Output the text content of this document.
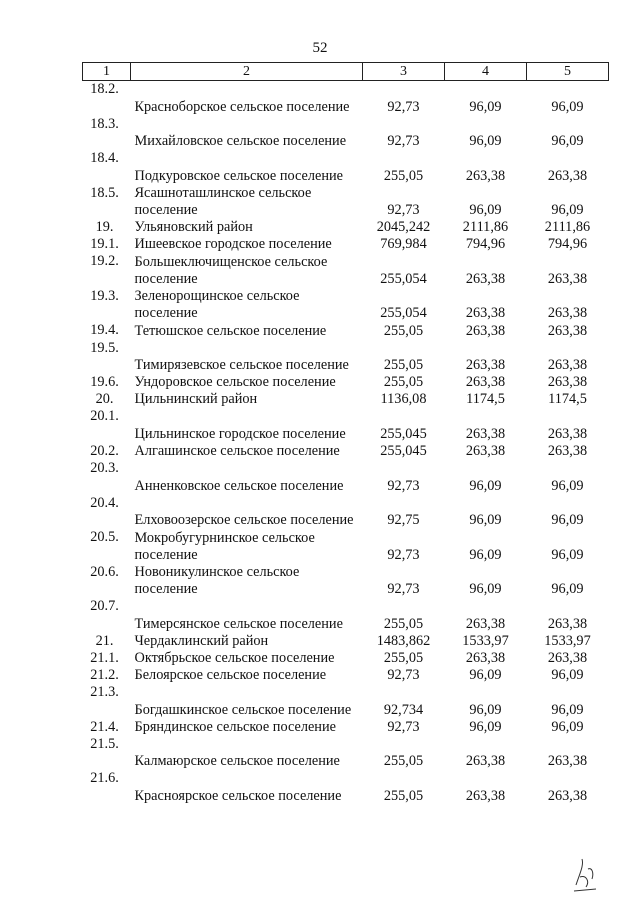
52
1	2	3	4	5
18.2.	Красноборское сельское поселение	92,73	96,09	96,09
18.3.	Михайловское сельское поселение	92,73	96,09	96,09
18.4.	Подкуровское сельское поселение	255,05	263,38	263,38
18.5.	Ясашноташлинское сельское поселение	92,73	96,09	96,09
19.	Ульяновский район	2045,242	2111,86	2111,86
19.1.	Ишеевское городское поселение	769,984	794,96	794,96
19.2.	Большеключищенское сельское поселение	255,054	263,38	263,38
19.3.	Зеленорощинское сельское поселение	255,054	263,38	263,38
19.4.	Тетюшское сельское поселение	255,05	263,38	263,38
19.5.	Тимирязевское сельское поселение	255,05	263,38	263,38
19.6.	Ундоровское сельское поселение	255,05	263,38	263,38
20.	Цильнинский район	1136,08	1174,5	1174,5
20.1.	Цильнинское городское поселение	255,045	263,38	263,38
20.2.	Алгашинское сельское поселение	255,045	263,38	263,38
20.3.	Анненковское сельское поселение	92,73	96,09	96,09
20.4.	Елховоозерское сельское поселение	92,75	96,09	96,09
20.5.	Мокробугурнинское сельское поселение	92,73	96,09	96,09
20.6.	Новоникулинское сельское поселение	92,73	96,09	96,09
20.7.	Тимерсянское сельское поселение	255,05	263,38	263,38
21.	Чердаклинский район	1483,862	1533,97	1533,97
21.1.	Октябрьское сельское поселение	255,05	263,38	263,38
21.2.	Белоярское сельское поселение	92,73	96,09	96,09
21.3.	Богдашкинское сельское поселение	92,734	96,09	96,09
21.4.	Бряндинское сельское поселение	92,73	96,09	96,09
21.5.	Калмаюрское сельское поселение	255,05	263,38	263,38
21.6.	Красноярское сельское поселение	255,05	263,38	263,38
